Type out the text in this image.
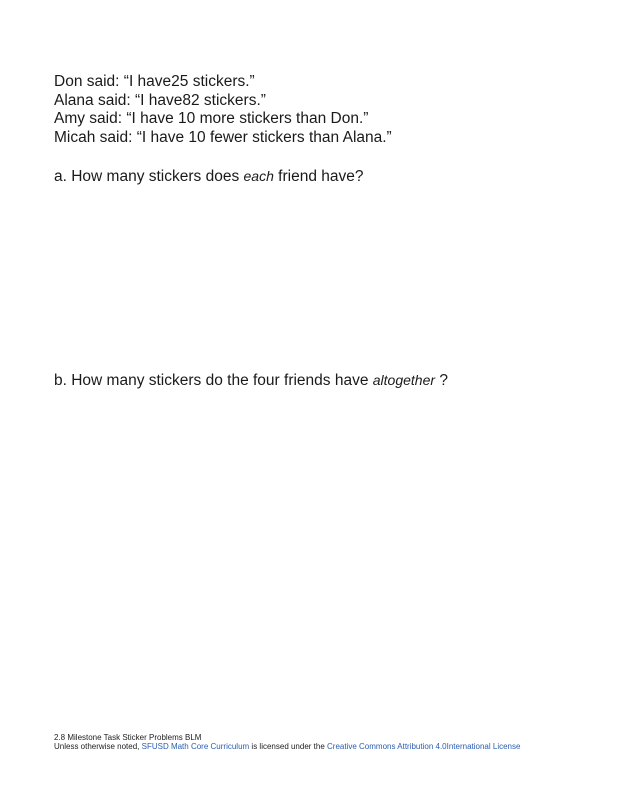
Don said: “I have25 stickers.”
Alana said: “I have82 stickers.”
Amy said: “I have 10 more stickers than Don.”
Micah said: “I have 10 fewer stickers than Alana.”
a. How many stickers does each friend have?
b. How many stickers do the four friends have altogether ?
2.8 Milestone Task Sticker Problems BLM
Unless otherwise noted, SFUSD Math Core Curriculum is licensed under the Creative Commons Attribution 4.0International License
